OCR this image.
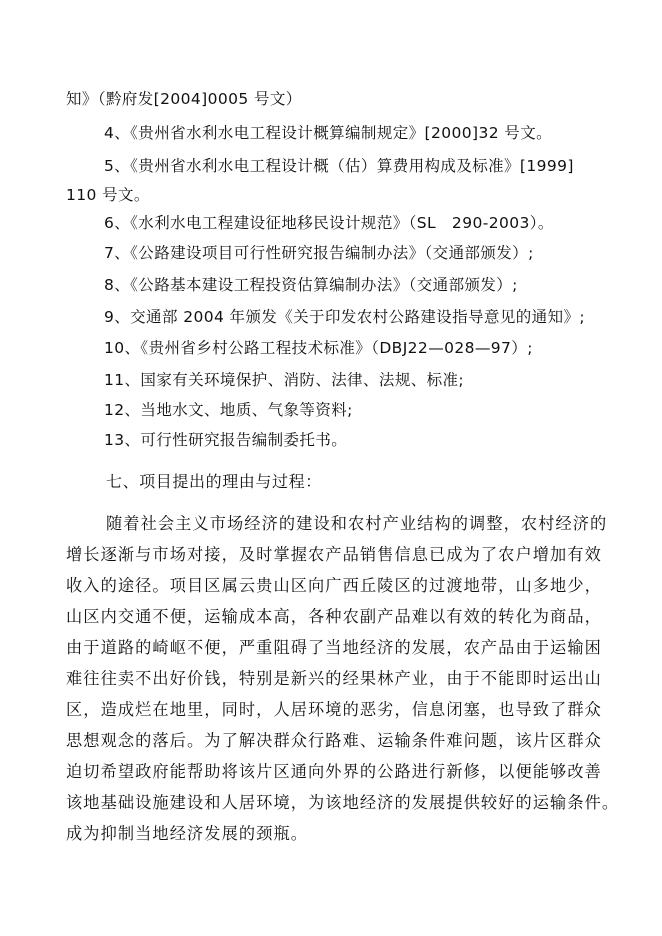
知》（黔府发[2004]0005 号文）
4、《贵州省水利水电工程设计概算编制规定》[2000]32 号文。
5、《贵州省水利水电工程设计概（估）算费用构成及标准》[1999]
110 号文。
6、《水利水电工程建设征地移民设计规范》（SL　290-2003）。
7、《公路建设项目可行性研究报告编制办法》（交通部颁发）;
8、《公路基本建设工程投资估算编制办法》（交通部颁发）;
9、交通部 2004 年颁发《关于印发农村公路建设指导意见的通知》;
10、《贵州省乡村公路工程技术标准》（DBJ22—028—97）;
11、国家有关环境保护、消防、法律、法规、标准;
12、当地水文、地质、气象等资料;
13、可行性研究报告编制委托书。
七、项目提出的理由与过程：
随着社会主义市场经济的建设和农村产业结构的调整，农村经济的
增长逐渐与市场对接，及时掌握农产品销售信息已成为了农户增加有效
收入的途径。项目区属云贵山区向广西丘陵区的过渡地带，山多地少，
山区内交通不便，运输成本高，各种农副产品难以有效的转化为商品，
由于道路的崎岖不便，严重阻碍了当地经济的发展，农产品由于运输困
难往往卖不出好价钱，特别是新兴的经果林产业，由于不能即时运出山
区，造成烂在地里，同时，人居环境的恶劣，信息闭塞，也导致了群众
思想观念的落后。为了解决群众行路难、运输条件难问题，该片区群众
迫切希望政府能帮助将该片区通向外界的公路进行新修，以便能够改善
该地基础设施建设和人居环境，为该地经济的发展提供较好的运输条件。
成为抑制当地经济发展的颈瓶。
